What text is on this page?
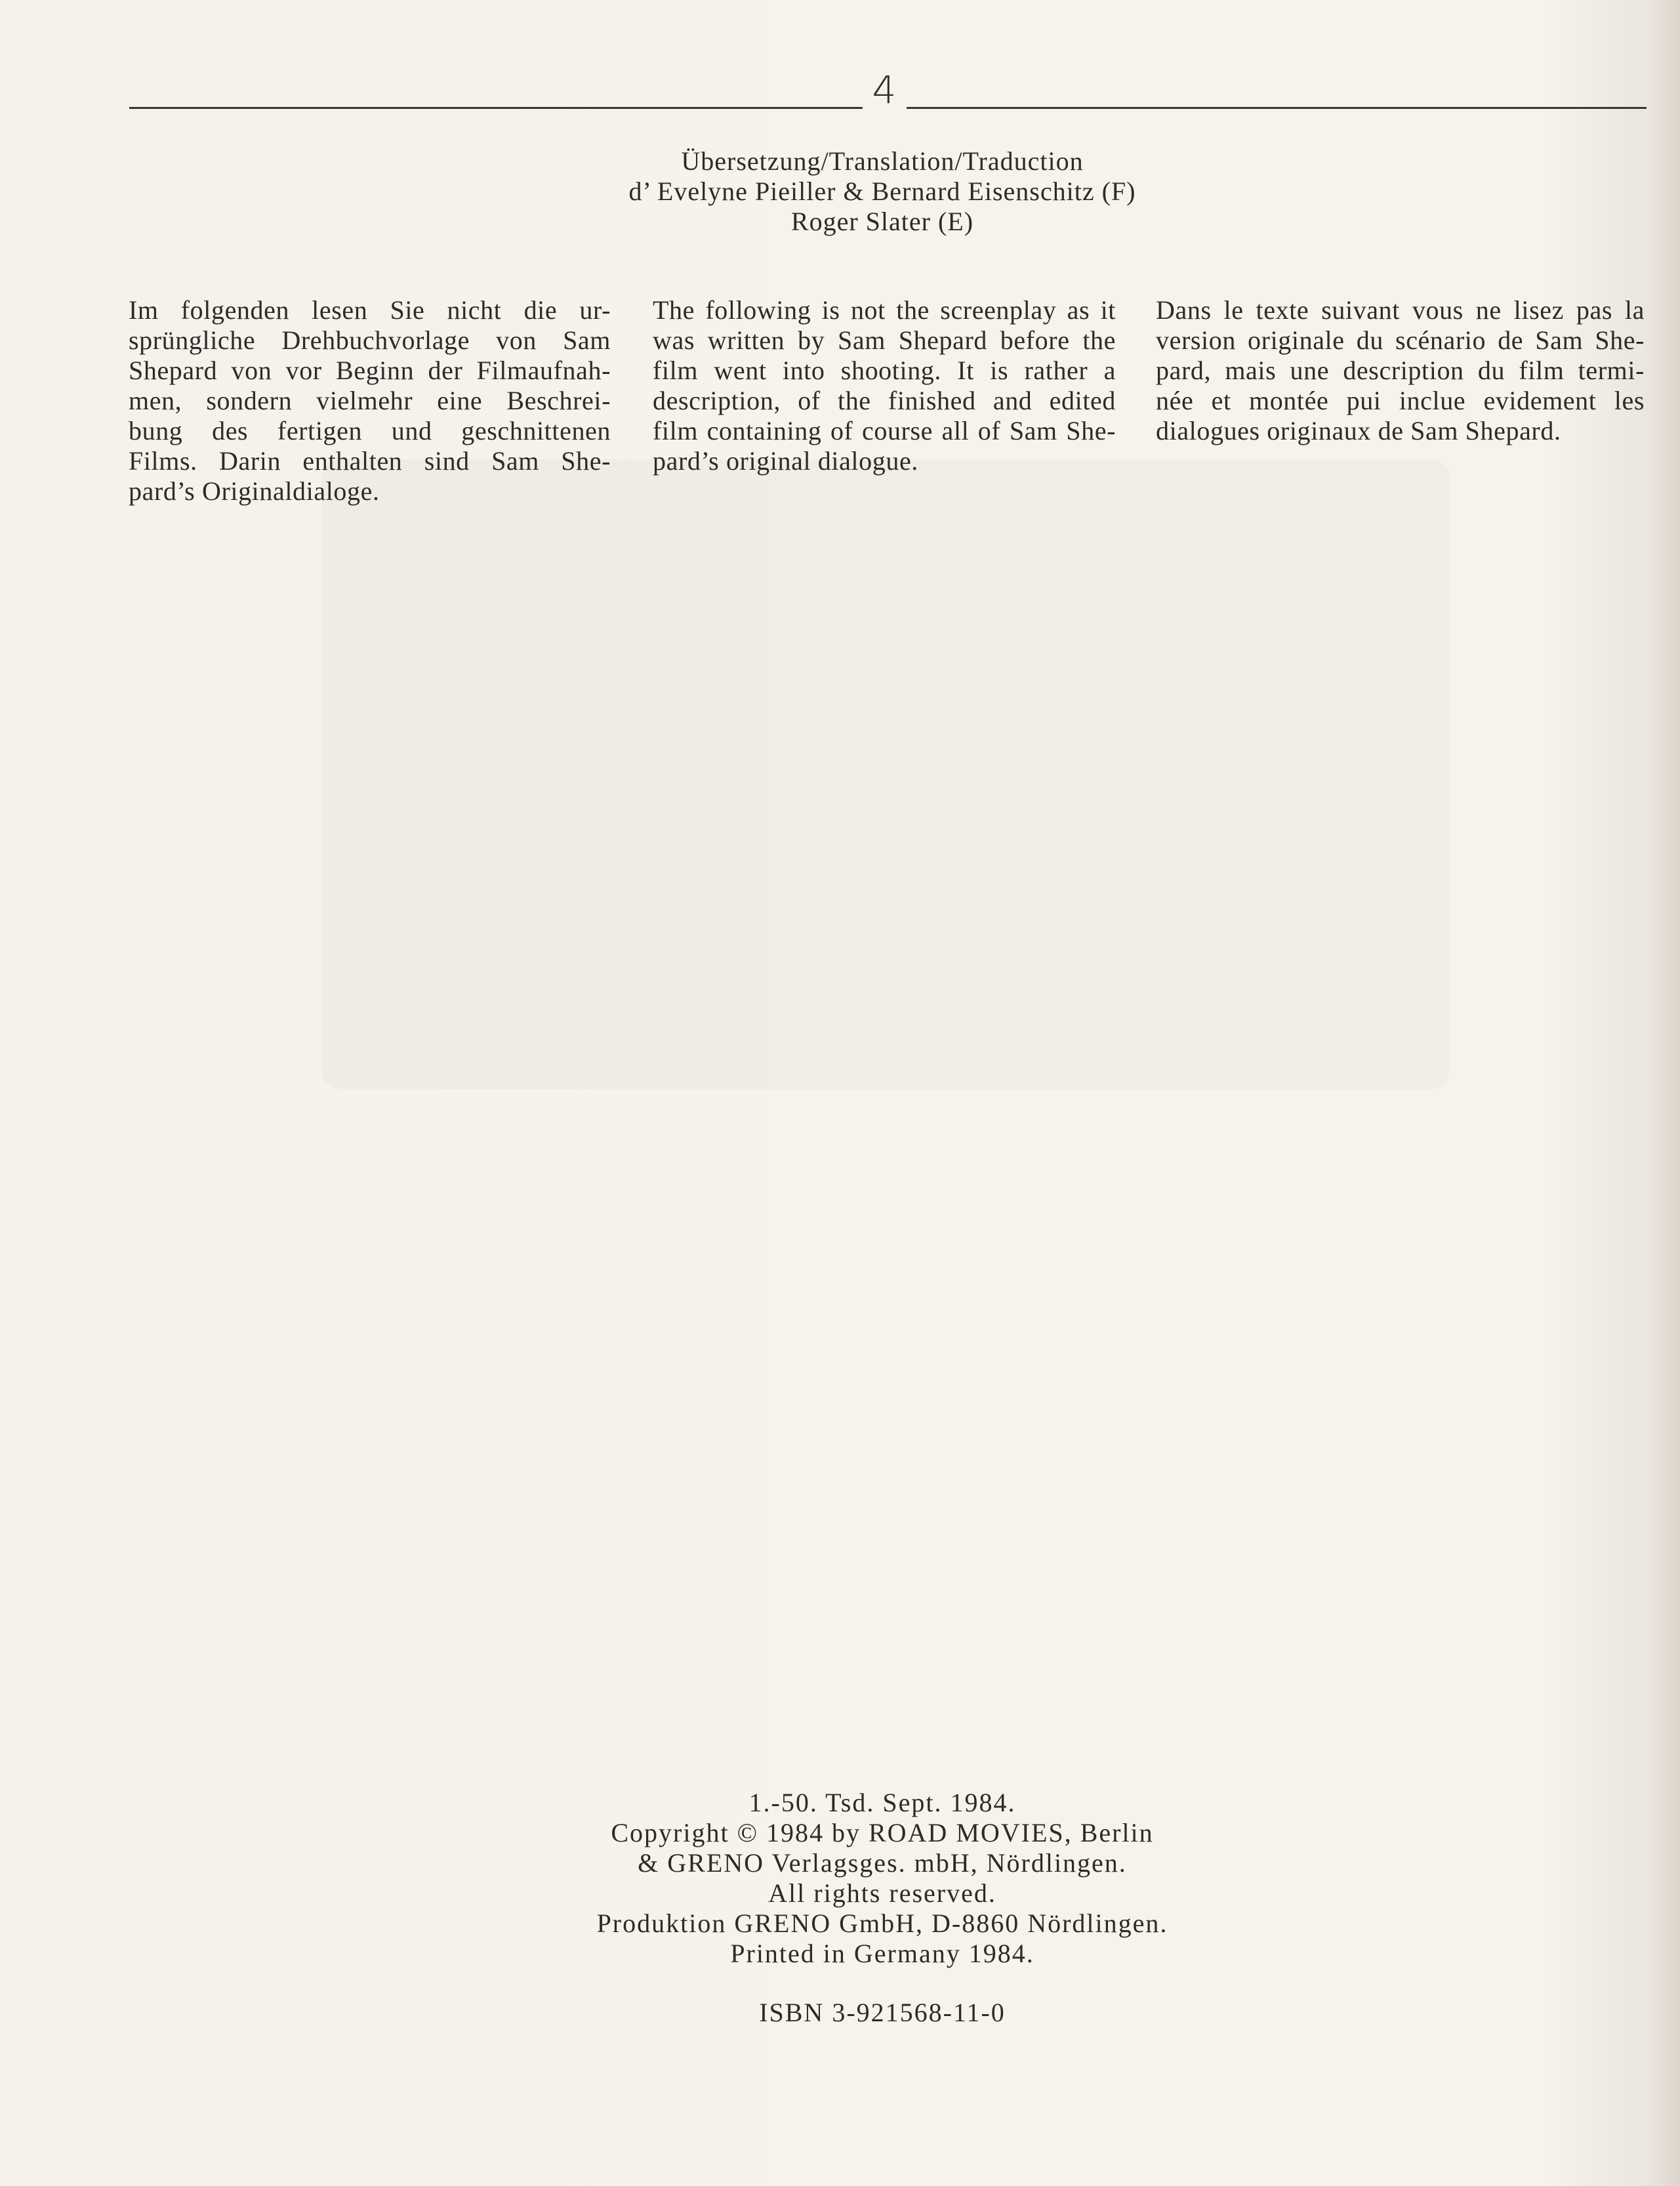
4
Übersetzung/Translation/Traduction
d’ Evelyne Pieiller & Bernard Eisenschitz (F)
Roger Slater (E)
Im folgenden lesen Sie nicht die ur-
sprüngliche Drehbuchvorlage von Sam
Shepard von vor Beginn der Filmaufnah-
men, sondern vielmehr eine Beschrei-
bung des fertigen und geschnittenen
Films. Darin enthalten sind Sam She-
pard’s Originaldialoge.
The following is not the screenplay as it
was written by Sam Shepard before the
film went into shooting. It is rather a
description, of the finished and edited
film containing of course all of Sam She-
pard’s original dialogue.
Dans le texte suivant vous ne lisez pas la
version originale du scénario de Sam She-
pard, mais une description du film termi-
née et montée pui inclue evidement les
dialogues originaux de Sam Shepard.
1.-50. Tsd. Sept. 1984.
Copyright © 1984 by ROAD MOVIES, Berlin
& GRENO Verlagsges. mbH, Nördlingen.
All rights reserved.
Produktion GRENO GmbH, D-8860 Nördlingen.
Printed in Germany 1984.
ISBN 3-921568-11-0
